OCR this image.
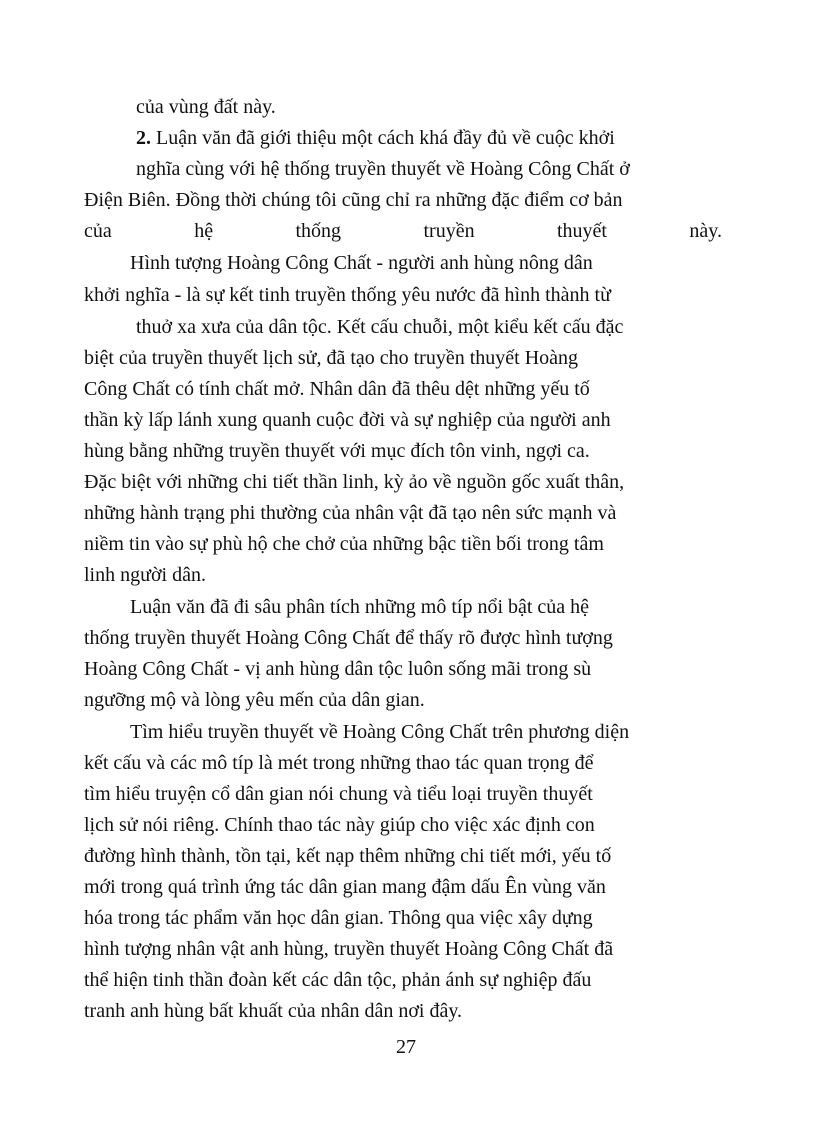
của vùng đất này.
2. Luận văn đã giới thiệu một cách khá đầy đủ về cuộc khởi
nghĩa cùng với hệ thống truyền thuyết về Hoàng Công Chất ở
Điện Biên. Đồng thời chúng tôi cũng chỉ ra những đặc điểm cơ bản
của	hệ	thống	truyền	thuyết	này.
Hình tượng Hoàng Công Chất - người anh hùng nông dân
khởi nghĩa - là sự kết tinh truyền thống yêu nước đã hình thành từ
thuở xa xưa của dân tộc. Kết cấu chuỗi, một kiểu kết cấu đặc
biệt của truyền thuyết lịch sử, đã tạo cho truyền thuyết Hoàng
Công Chất có tính chất mở. Nhân dân đã thêu dệt những yếu tố
thần kỳ lấp lánh xung quanh cuộc đời và sự nghiệp của người anh
hùng bằng những truyền thuyết với mục đích tôn vinh, ngợi ca.
Đặc biệt với những chi tiết thần linh, kỳ ảo về nguồn gốc xuất thân,
những hành trạng phi thường của nhân vật đã tạo nên sức mạnh và
niềm tin vào sự phù hộ che chở của những bậc tiền bối trong tâm
linh người dân.
Luận văn đã đi sâu phân tích những mô típ nổi bật của hệ
thống truyền thuyết Hoàng Công Chất để thấy rõ được hình tượng
Hoàng Công Chất - vị anh hùng dân tộc luôn sống mãi trong sù
ngưỡng mộ và lòng yêu mến của dân gian.
Tìm hiểu truyền thuyết về Hoàng Công Chất trên phương diện
kết cấu và các mô típ là mét trong những thao tác quan trọng để
tìm hiểu truyện cổ dân gian nói chung và tiểu loại truyền thuyết
lịch sử nói riêng. Chính thao tác này giúp cho việc xác định con
đường hình thành, tồn tại, kết nạp thêm những chi tiết mới, yếu tố
mới trong quá trình ứng tác dân gian mang đậm dấu Ên vùng văn
hóa trong tác phẩm văn học dân gian. Thông qua việc xây dựng
hình tượng nhân vật anh hùng, truyền thuyết Hoàng Công Chất đã
thể hiện tinh thần đoàn kết các dân tộc, phản ánh sự nghiệp đấu
tranh anh hùng bất khuất của nhân dân nơi đây.
27
